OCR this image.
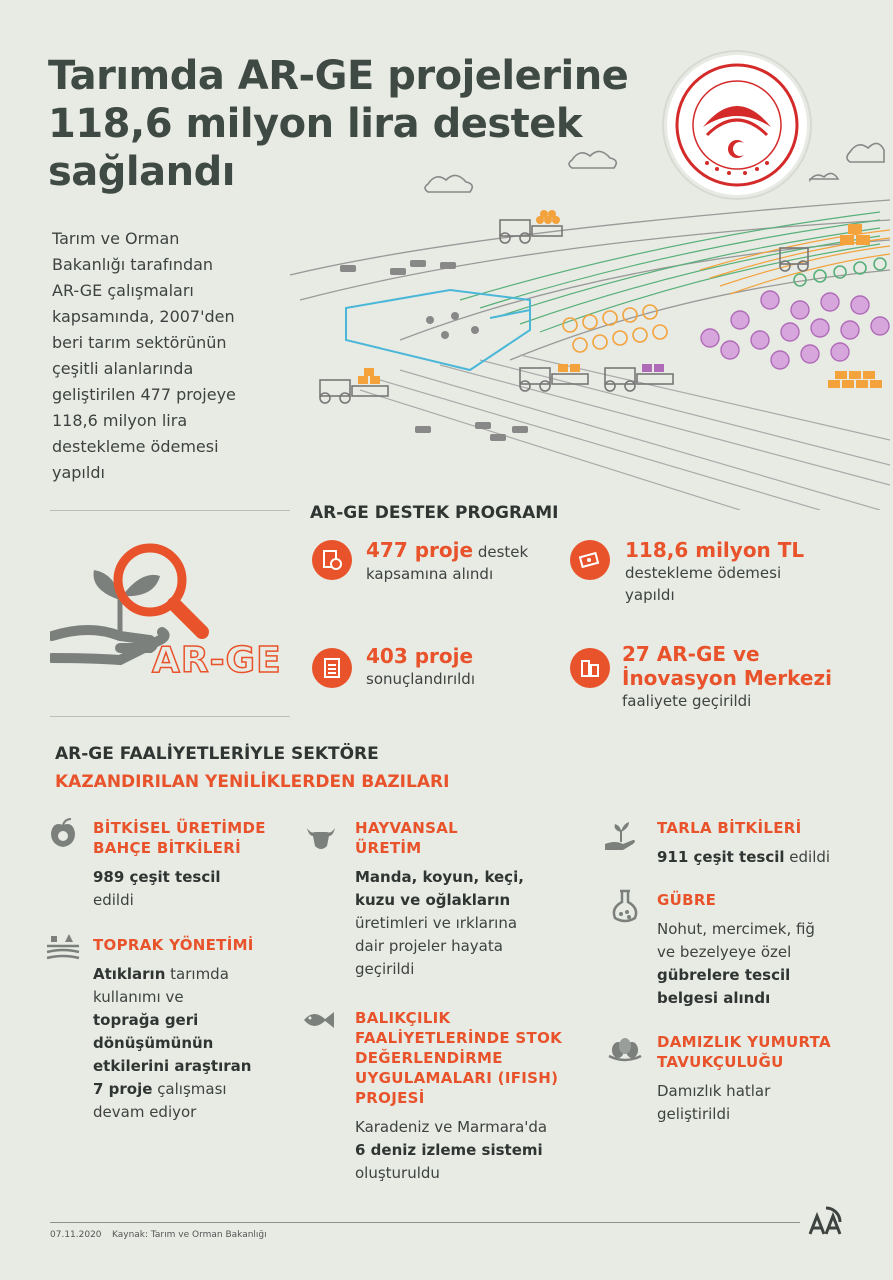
Tarımda AR-GE projelerine
118,6 milyon lira destek
sağlandı
Tarım ve Orman
Bakanlığı tarafından
AR-GE çalışmaları
kapsamında, 2007'den
beri tarım sektörünün
çeşitli alanlarında
geliştirilen 477 projeye
118,6 milyon lira
destekleme ödemesi
yapıldı
AR-GE DESTEK PROGRAMI
AR-GE
477 proje destek
kapsamına alındı
118,6 milyon TL
destekleme ödemesi
yapıldı
403 proje
sonuçlandırıldı
27 AR-GE ve
İnovasyon Merkezi
faaliyete geçirildi
AR-GE FAALİYETLERİYLE SEKTÖRE
KAZANDIRILAN YENİLİKLERDEN BAZILARI
BİTKİSEL ÜRETİMDE
BAHÇE BİTKİLERİ
989 çeşit tescil
edildi
TOPRAK YÖNETİMİ
Atıkların tarımda
kullanımı ve
toprağa geri
dönüşümünün
etkilerini araştıran
7 proje çalışması
devam ediyor
HAYVANSAL
ÜRETİM
Manda, koyun, keçi,
kuzu ve oğlakların
üretimleri ve ırklarına
dair projeler hayata
geçirildi
BALIKÇILIK
FAALİYETLERİNDE STOK
DEĞERLENDİRME
UYGULAMALARI (IFISH)
PROJESİ
Karadeniz ve Marmara'da
6 deniz izleme sistemi
oluşturuldu
TARLA BİTKİLERİ
911 çeşit tescil edildi
GÜBRE
Nohut, mercimek, fiğ
ve bezelyeye özel
gübrelere tescil
belgesi alındı
DAMIZLIK YUMURTA
TAVUKÇULUĞU
Damızlık hatlar
geliştirildi
07.11.2020 Kaynak: Tarım ve Orman Bakanlığı
